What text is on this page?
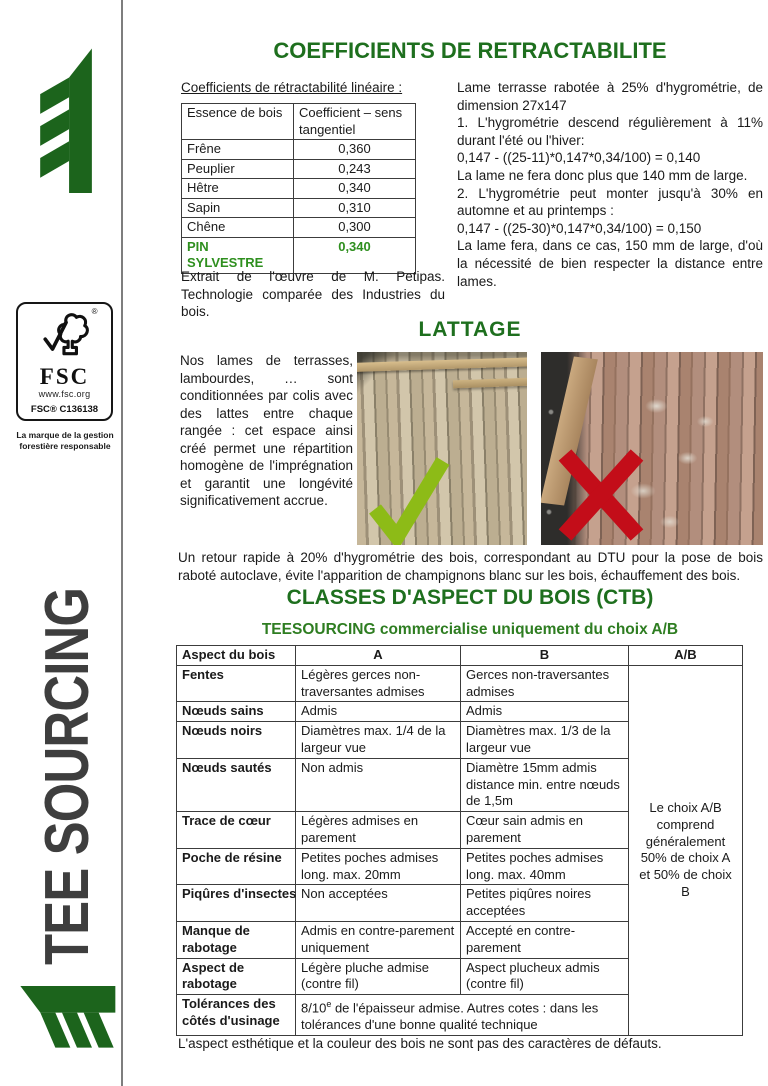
®
FSC
www.fsc.org
FSC® C136138
La marque de la gestion forestière responsable
TEE SOURCING
COEFFICIENTS DE RETRACTABILITE
Coefficients de rétractabilité linéaire :
Essence de bois	Coefficient – sens tangentiel
Frêne	0,360
Peuplier	0,243
Hêtre	0,340
Sapin	0,310
Chêne	0,300
PIN SYLVESTRE	0,340
Extrait de l'œuvre de M. Petipas. Technologie comparée des Industries du bois.

Lame terrasse rabotée à 25% d'hygrométrie, de dimension 27x147

1. L'hygrométrie descend régulièrement à 11% durant l'été ou l'hiver:

0,147 - ((25-11)*0,147*0,34/100) = 0,140

La lame ne fera donc plus que 140 mm de large.

2. L'hygrométrie peut monter jusqu'à 30% en automne et au printemps :

0,147 - ((25-30)*0,147*0,34/100) = 0,150

La lame fera, dans ce cas, 150 mm de large, d'où la nécessité de bien respecter la distance entre lames.

LATTAGE
Nos lames de terrasses, lambourdes, … sont conditionnées par colis avec des lattes entre chaque rangée : cet espace ainsi créé permet une répartition homogène de l'imprégnation et garantit une longévité significativement accrue.
Un retour rapide à 20% d'hygrométrie des bois, correspondant au DTU pour la pose de bois raboté autoclave, évite l'apparition de champignons blanc sur les bois, échauffement des bois.
CLASSES D'ASPECT DU BOIS (CTB)
TEESOURCING commercialise uniquement du choix A/B
Aspect du bois	A	B	A/B
Fentes	Légères gerces non-traversantes admises	Gerces non-traversantes admises	Le choix A/B comprend généralement 50% de choix A et 50% de choix B
Nœuds sains	Admis	Admis	
Nœuds noirs	Diamètres max. 1/4 de la largeur vue	Diamètres max. 1/3 de la largeur vue	
Nœuds sautés	Non admis	Diamètre 15mm admis distance min. entre nœuds de 1,5m	
Trace de cœur	Légères admises en parement	Cœur sain admis en parement	
Poche de résine	Petites poches admises long. max. 20mm	Petites poches admises long. max. 40mm	
Piqûres d'insectes	Non acceptées	Petites piqûres noires acceptées	
Manque de rabotage	Admis en contre-parement uniquement	Accepté en contre-parement	
Aspect de rabotage	Légère pluche admise (contre fil)	Aspect plucheux admis (contre fil)	
Tolérances des côtés d'usinage	8/10e de l'épaisseur admise. Autres cotes : dans les tolérances d'une bonne qualité technique		
L'aspect esthétique et la couleur des bois ne sont pas des caractères de défauts.
